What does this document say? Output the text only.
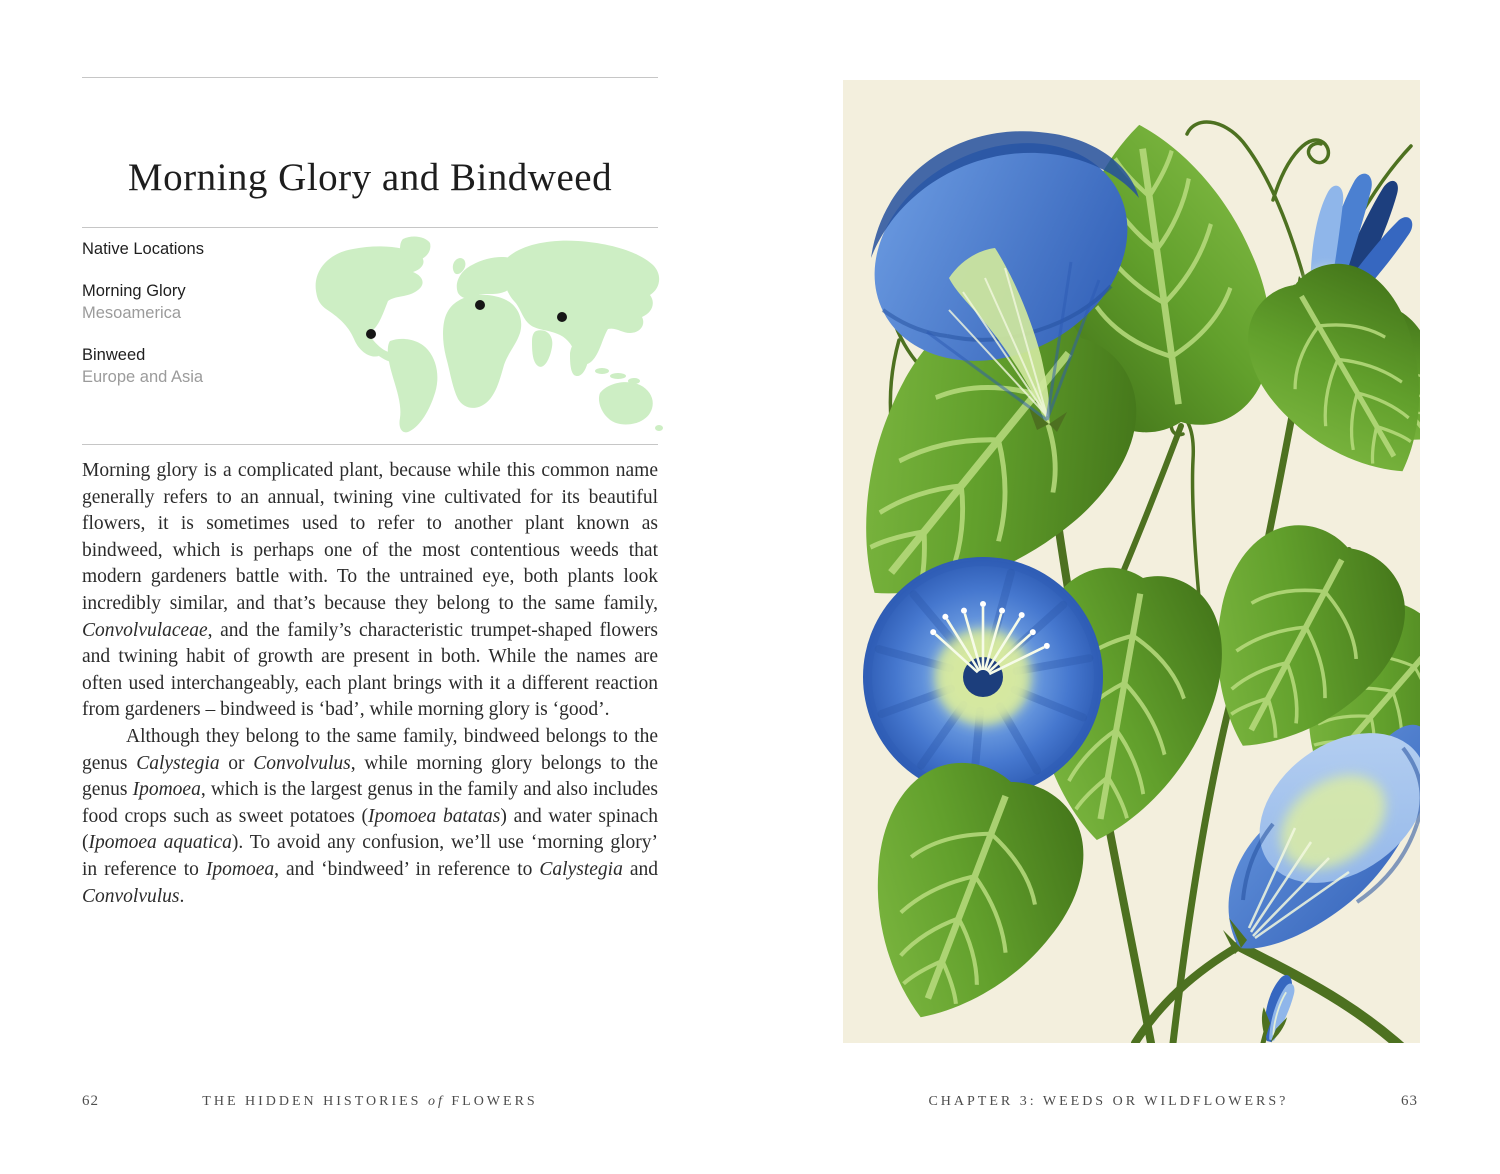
Morning Glory and Bindweed
Native Locations
Morning Glory
Mesoamerica
Binweed
Europe and Asia

Morning glory is a complicated plant, because while this common name generally refers to an annual, twining vine cultivated for its beautiful flowers, it is sometimes used to refer to another plant known as bindweed, which is perhaps one of the most contentious weeds that modern gardeners battle with. To the untrained eye, both plants look incredibly similar, and that’s because they belong to the same family, Convolvulaceae, and the family’s characteristic trumpet-shaped flowers and twining habit of growth are present in both. While the names are often used interchangeably, each plant brings with it a different reaction from gardeners – bindweed is ‘bad’, while morning glory is ‘good’.

Although they belong to the same family, bindweed belongs to the genus Calystegia or Convolvulus, while morning glory belongs to the genus Ipomoea, which is the largest genus in the family and also includes food crops such as sweet potatoes (Ipomoea batatas) and water spinach (Ipomoea aquatica). To avoid any confusion, we’ll use ‘morning glory’ in reference to Ipomoea, and ‘bindweed’ in reference to Calystegia and Convolvulus.

62	THE HIDDEN HISTORIES of FLOWERS	CHAPTER 3: WEEDS OR WILDFLOWERS?	63
